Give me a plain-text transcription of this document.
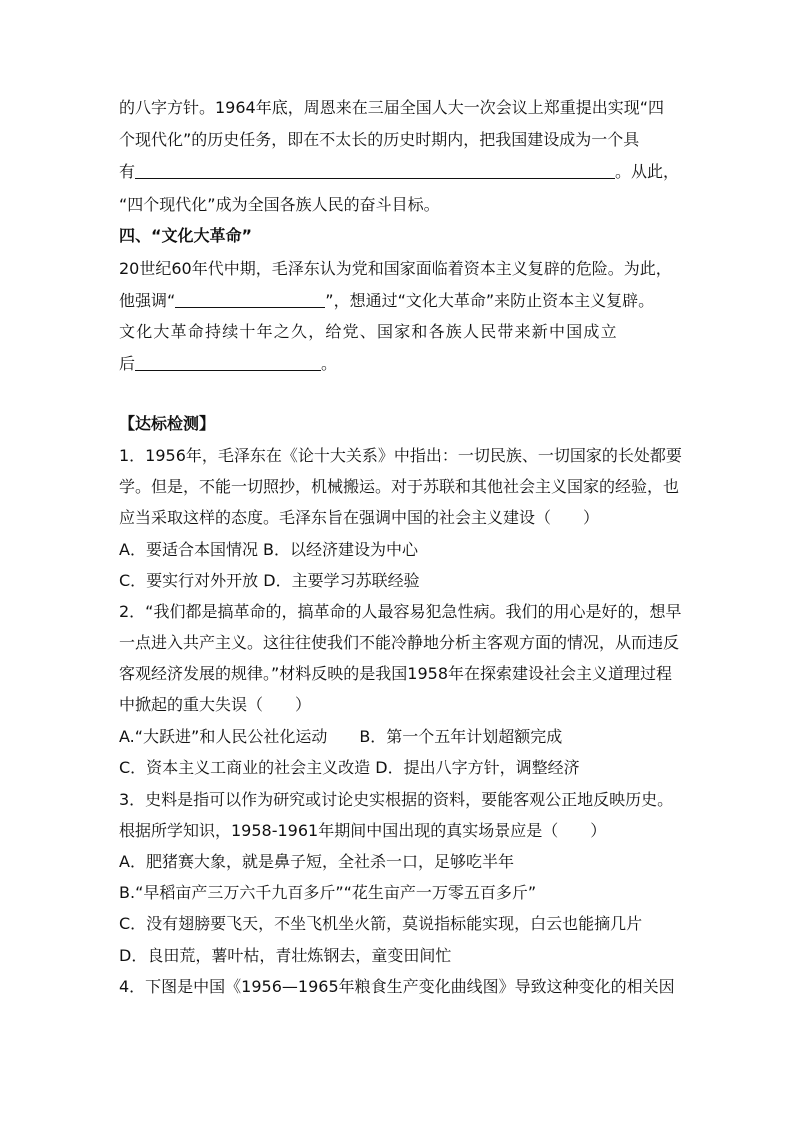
的八字方针。1964年底，周恩来在三届全国人大一次会议上郑重提出实现“四
个现代化”的历史任务，即在不太长的历史时期内，把我国建设成为一个具
有	。从此，
“四个现代化”成为全国各族人民的奋斗目标。
四、“文化大革命”
20世纪60年代中期，毛泽东认为党和国家面临着资本主义复辟的危险。为此，
他强调“	”，想通过“文化大革命”来防止资本主义复辟。
文化大革命持续十年之久，给党、国家和各族人民带来新中国成立
后	。
【达标检测】
1．1956年，毛泽东在《论十大关系》中指出：一切民族、一切国家的长处都要
学。但是，不能一切照抄，机械搬运。对于苏联和其他社会主义国家的经验，也
应当采取这样的态度。毛泽东旨在强调中国的社会主义建设（　　）
A．要适合本国情况 B．以经济建设为中心
C．要实行对外开放 D．主要学习苏联经验
2．“我们都是搞革命的，搞革命的人最容易犯急性病。我们的用心是好的，想早
一点进入共产主义。这往往使我们不能冷静地分析主客观方面的情况，从而违反
客观经济发展的规律。”材料反映的是我国1958年在探索建设社会主义道理过程
中掀起的重大失误（　　）
A.“大跃进”和人民公社化运动　　B．第一个五年计划超额完成
C．资本主义工商业的社会主义改造 D．提出八字方针，调整经济
3．史料是指可以作为研究或讨论史实根据的资料，要能客观公正地反映历史。
根据所学知识，1958-1961年期间中国出现的真实场景应是（　　）
A．肥猪赛大象，就是鼻子短，全社杀一口，足够吃半年
B.“早稻亩产三万六千九百多斤”“花生亩产一万零五百多斤”
C．没有翅膀要飞天，不坐飞机坐火箭，莫说指标能实现，白云也能摘几片
D．良田荒，薯叶枯，青壮炼钢去，童变田间忙
4．下图是中国《1956—1965年粮食生产变化曲线图》导致这种变化的相关因
